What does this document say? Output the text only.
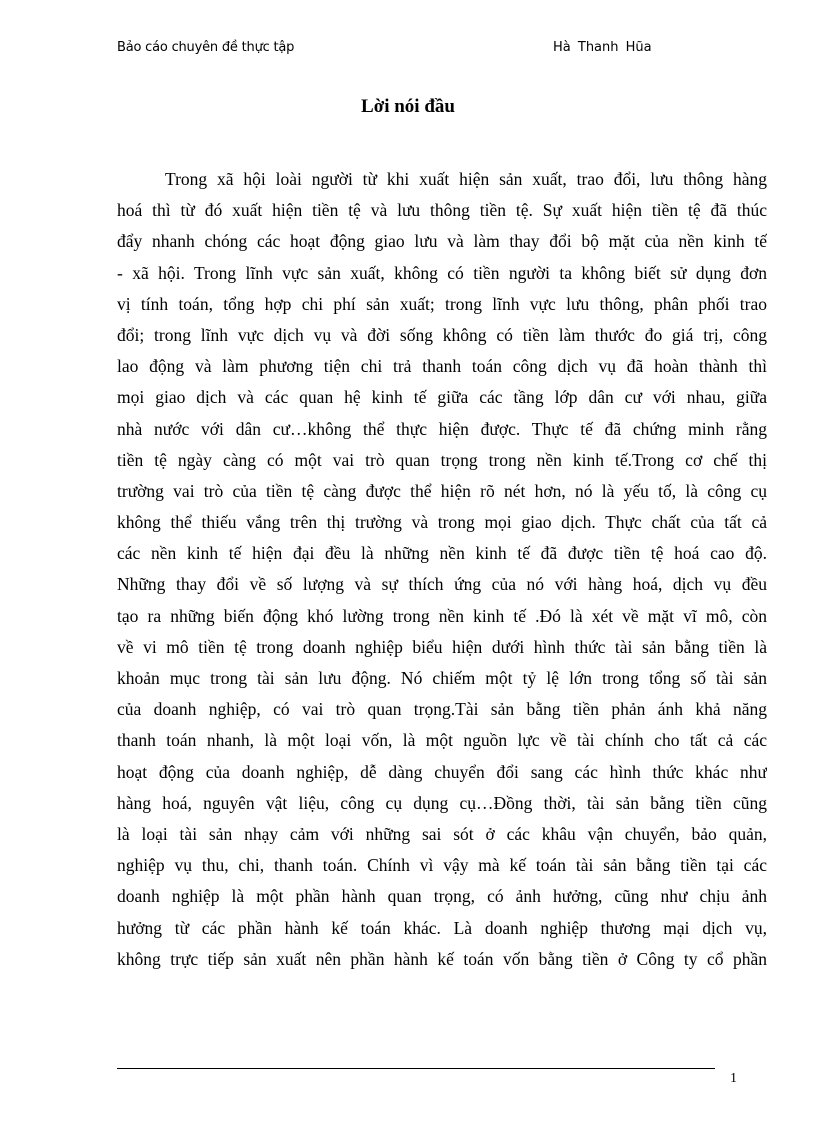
Bảo cáo chuyên đề thực tập	Hà Thanh Hũa
Lời nói đầu
Trong xã hội loài người từ khi xuất hiện sản xuất, trao đổi, lưu thông hàng
hoá thì từ đó xuất hiện tiền tệ và lưu thông tiền tệ. Sự xuất hiện tiền tệ đã thúc
đẩy nhanh chóng các hoạt động giao lưu và làm thay đổi bộ mặt của nền kinh tế
- xã hội. Trong lĩnh vực sản xuất, không có tiền người ta không biết sử dụng đơn
vị tính toán, tổng hợp chi phí sản xuất; trong lĩnh vực lưu thông, phân phối trao
đổi; trong lĩnh vực dịch vụ và đời sống không có tiền làm thước đo giá trị, công
lao động và làm phương tiện chi trả thanh toán công dịch vụ đã hoàn thành thì
mọi giao dịch và các quan hệ kinh tế giữa các tầng lớp dân cư với nhau, giữa
nhà nước với dân cư…không thể thực hiện được. Thực tế đã chứng minh rằng
tiền tệ ngày càng có một vai trò quan trọng trong nền kinh tế.Trong cơ chế thị
trường vai trò của tiền tệ càng được thể hiện rõ nét hơn, nó là yếu tố, là công cụ
không thể thiếu vắng trên thị trường và trong mọi giao dịch. Thực chất của tất cả
các nền kinh tế hiện đại đều là những nền kinh tế đã được tiền tệ hoá cao độ.
Những thay đổi về số lượng và sự thích ứng của nó với hàng hoá, dịch vụ đều
tạo ra những biến động khó lường trong nền kinh tế .Đó là xét về mặt vĩ mô, còn
về vi mô tiền tệ trong doanh nghiệp biểu hiện dưới hình thức tài sản bằng tiền là
khoản mục trong tài sản lưu động. Nó chiếm một tỷ lệ lớn trong tổng số tài sản
của doanh nghiệp, có vai trò quan trọng.Tài sản bằng tiền phản ánh khả năng
thanh toán nhanh, là một loại vốn, là một nguồn lực về tài chính cho tất cả các
hoạt động của doanh nghiệp, dễ dàng chuyển đổi sang các hình thức khác như
hàng hoá, nguyên vật liệu, công cụ dụng cụ…Đồng thời, tài sản bằng tiền cũng
là loại tài sản nhạy cảm với những sai sót ở các khâu vận chuyển, bảo quản,
nghiệp vụ thu, chi, thanh toán. Chính vì vậy mà kế toán tài sản bằng tiền tại các
doanh nghiệp là một phần hành quan trọng, có ảnh hưởng, cũng như chịu ảnh
hưởng từ các phần hành kế toán khác. Là doanh nghiệp thương mại dịch vụ,
không trực tiếp sản xuất nên phần hành kế toán vốn bằng tiền ở Công ty cổ phần
1
